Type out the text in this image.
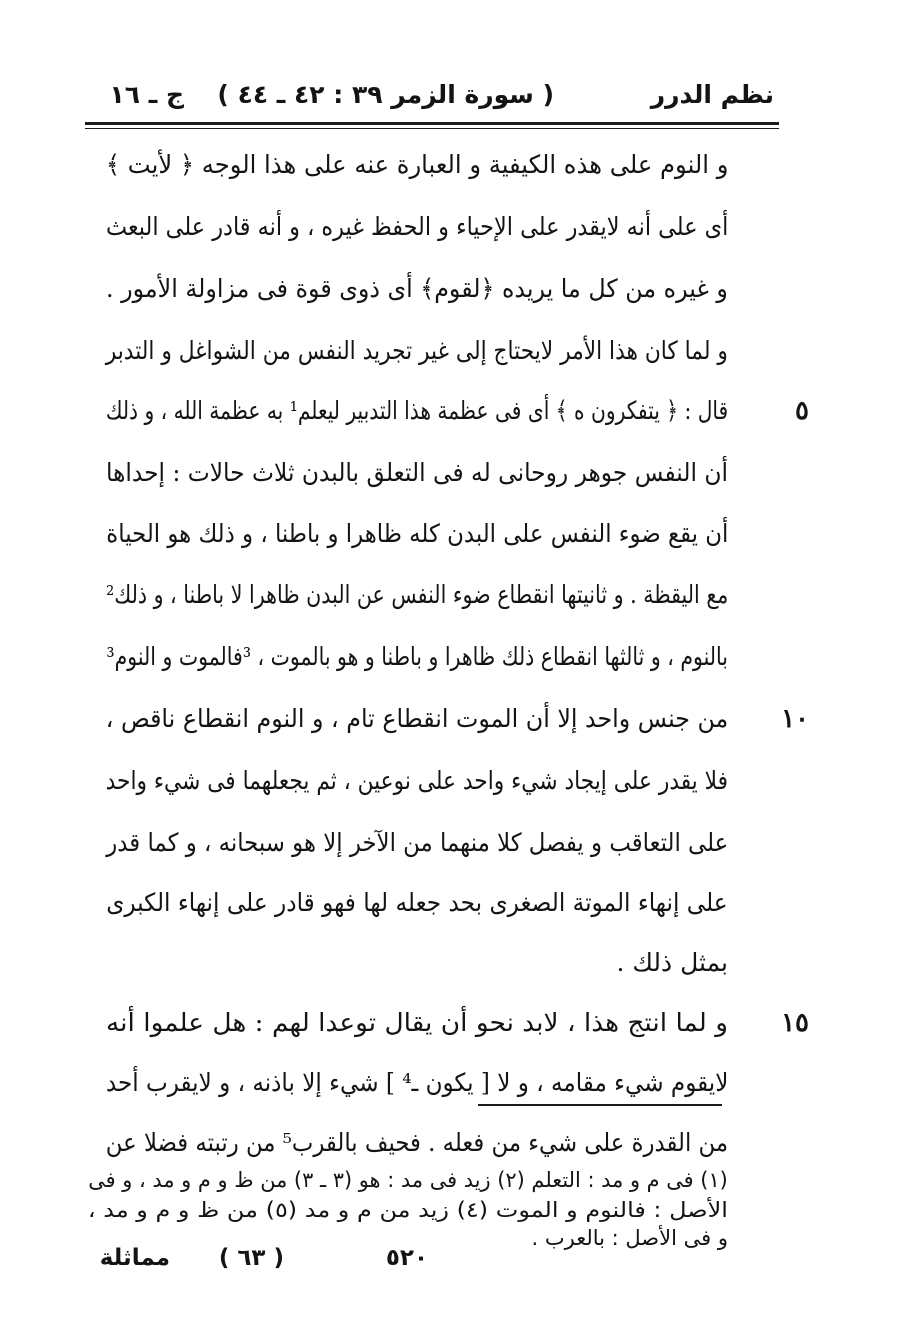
نظم الدرر
( سورة الزمر ٣٩ : ٤٢ ـ ٤٤ )
ج ـ ١٦
و النوم على هذه الكيفية و العبارة عنه على هذا الوجه ﴿ لأيت ﴾
أى على أنه لايقدر على الإحياء و الحفظ غيره ، و أنه قادر على البعث
و غيره من كل ما يريده ﴿لقوم﴾ أى ذوى قوة فى مزاولة الأمور .
و لما كان هذا الأمر لايحتاج إلى غير تجريد النفس من الشواغل و التدبر
قال : ﴿ يتفكرون ه ﴾ أى فى عظمة هذا التدبير ليعلم¹ به عظمة الله ، و ذلك
أن النفس جوهر روحانى له فى التعلق بالبدن ثلاث حالات : إحداها
أن يقع ضوء النفس على البدن كله ظاهرا و باطنا ، و ذلك هو الحياة
مع اليقظة . و ثانيتها انقطاع ضوء النفس عن البدن ظاهرا لا باطنا ، و ذلك²
بالنوم ، و ثالثها انقطاع ذلك ظاهرا و باطنا و هو بالموت ، ³فالموت و النوم³
من جنس واحد إلا أن الموت انقطاع تام ، و النوم انقطاع ناقص ،
فلا يقدر على إيجاد شيء واحد على نوعين ، ثم يجعلهما فى شيء واحد
على التعاقب و يفصل كلا منهما من الآخر إلا هو سبحانه ، و كما قدر
على إنهاء الموتة الصغرى بحد جعله لها فهو قادر على إنهاء الكبرى
بمثل ذلك .
و لما انتج هذا ، لابد نحو أن يقال توعدا لهم : هل علموا أنه
لايقوم شيء مقامه ، و لا [ يكون ـ⁴ ] شيء إلا باذنه ، و لايقرب أحد
من القدرة على شيء من فعله . فحيف بالقرب⁵ من رتبته فضلا عن
٥
١٠
١٥
(١) فى م و مد : التعلم (٢) زيد فى مد : هو (٣ ـ ٣) من ظ و م و مد ، و فى
الأصل : فالنوم و الموت (٤) زيد من م و مد (٥) من ظ و م و مد ،
و فى الأصل : بالعرب .
مماثلة ( ٦٣ )	٥٢٠
